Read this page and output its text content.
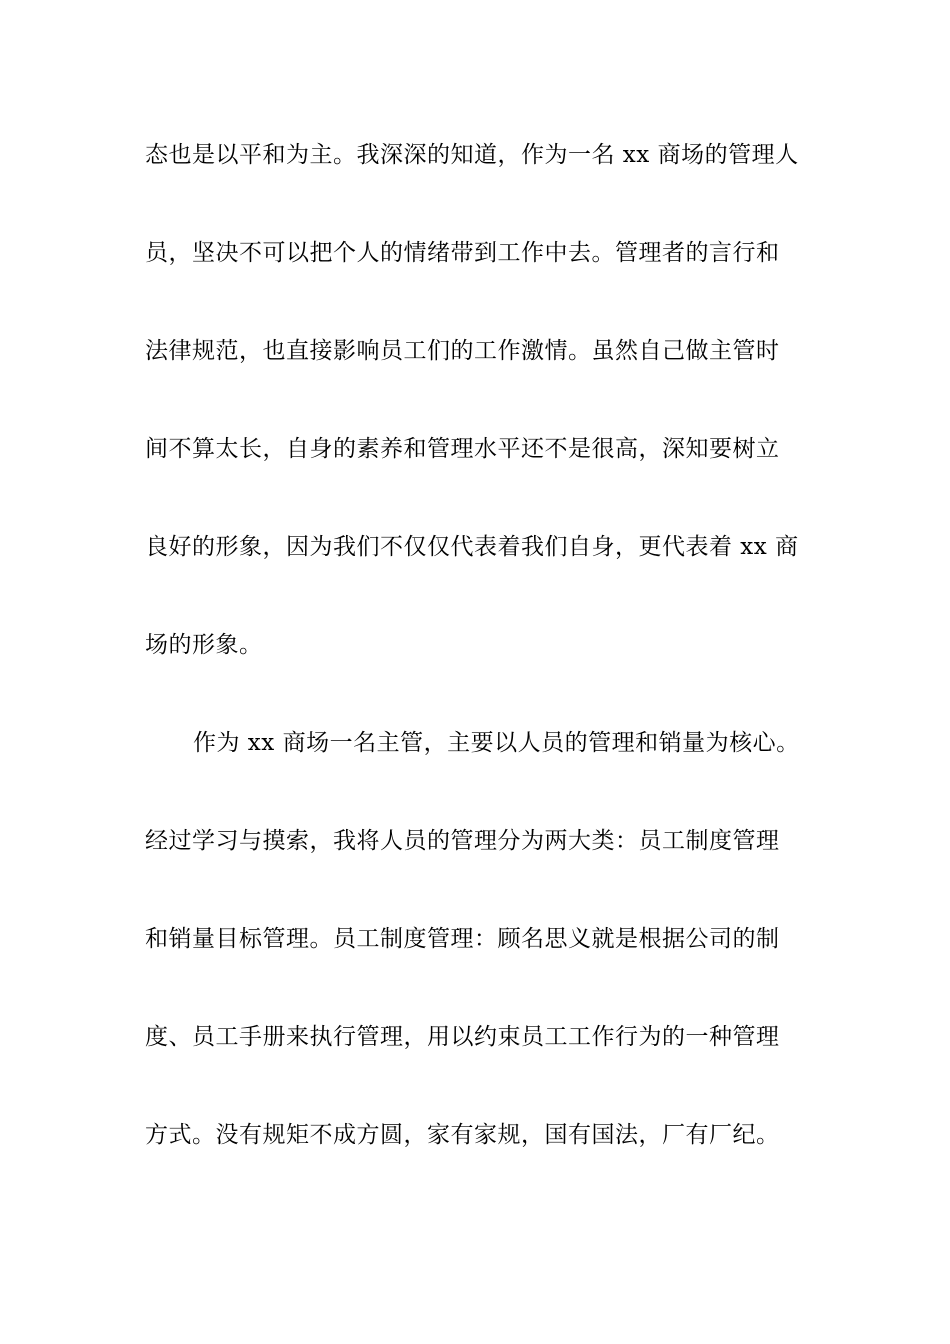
态也是以平和为主。我深深的知道，作为一名 xx 商场的管理人
员，坚决不可以把个人的情绪带到工作中去。管理者的言行和
法律规范，也直接影响员工们的工作激情。虽然自己做主管时
间不算太长，自身的素养和管理水平还不是很高，深知要树立
良好的形象，因为我们不仅仅代表着我们自身，更代表着 xx 商
场的形象。
作为 xx 商场一名主管，主要以人员的管理和销量为核心。
经过学习与摸索，我将人员的管理分为两大类：员工制度管理
和销量目标管理。员工制度管理：顾名思义就是根据公司的制
度、员工手册来执行管理，用以约束员工工作行为的一种管理
方式。没有规矩不成方圆，家有家规，国有国法，厂有厂纪。
